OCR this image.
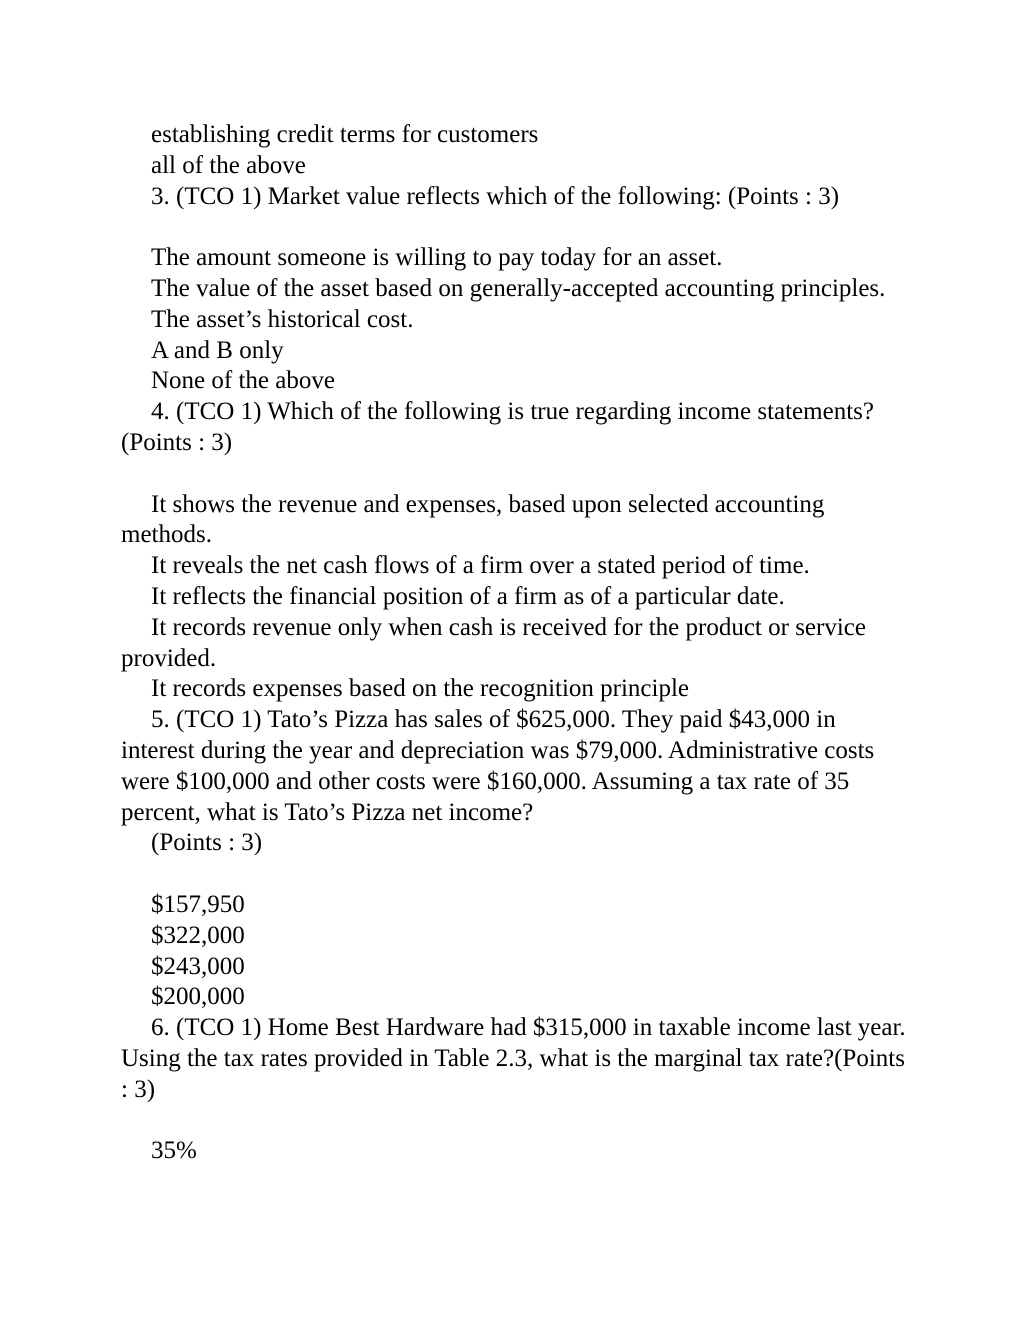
establishing credit terms for customers

all of the above

3. (TCO 1) Market value reflects which of the following: (Points : 3)

The amount someone is willing to pay today for an asset.

The value of the asset based on generally-accepted accounting principles.

The asset’s historical cost.

A and B only

None of the above

4. (TCO 1) Which of the following is true regarding income statements? (Points : 3)

It shows the revenue and expenses, based upon selected accounting methods.

It reveals the net cash flows of a firm over a stated period of time.

It reflects the financial position of a firm as of a particular date.

It records revenue only when cash is received for the product or service provided.

It records expenses based on the recognition principle

5. (TCO 1) Tato’s Pizza has sales of $625,000. They paid $43,000 in interest during the year and depreciation was $79,000. Administrative costs were $100,000 and other costs were $160,000. Assuming a tax rate of 35 percent, what is Tato’s Pizza net income?

(Points : 3)

$157,950

$322,000

$243,000

$200,000

6. (TCO 1) Home Best Hardware had $315,000 in taxable income last year. Using the tax rates provided in Table 2.3, what is the marginal tax rate?(Points : 3)

35%
